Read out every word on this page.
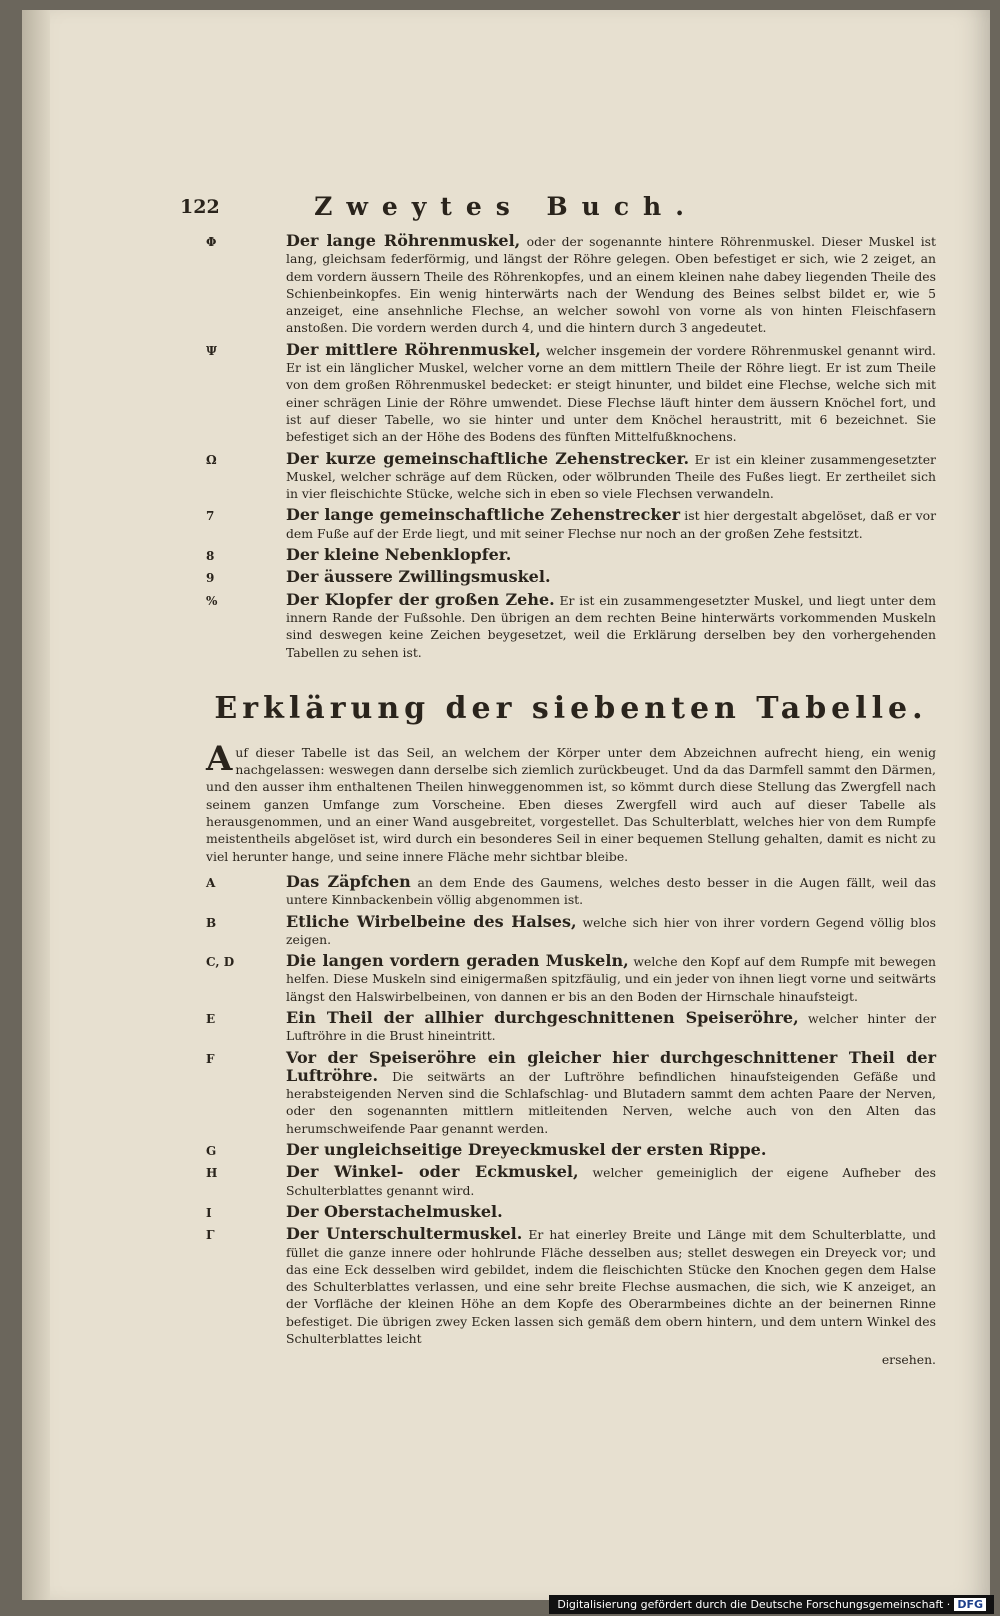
122	Zweytes Buch.
Φ	Der lange Röhrenmuskel, oder der sogenannte hintere Röhrenmuskel. Dieser Muskel ist lang, gleichsam federförmig, und längst der Röhre gelegen. Oben befestiget er sich, wie 2 zeiget, an dem vordern äussern Theile des Röhrenkopfes, und an einem kleinen nahe dabey liegenden Theile des Schienbeinkopfes. Ein wenig hinterwärts nach der Wendung des Beines selbst bildet er, wie 5 anzeiget, eine ansehnliche Flechse, an welcher sowohl von vorne als von hinten Fleischfasern anstoßen. Die vordern werden durch 4, und die hintern durch 3 angedeutet.
Ψ	Der mittlere Röhrenmuskel, welcher insgemein der vordere Röhrenmuskel genannt wird. Er ist ein länglicher Muskel, welcher vorne an dem mittlern Theile der Röhre liegt. Er ist zum Theile von dem großen Röhrenmuskel bedecket: er steigt hinunter, und bildet eine Flechse, welche sich mit einer schrägen Linie der Röhre umwendet. Diese Flechse läuft hinter dem äussern Knöchel fort, und ist auf dieser Tabelle, wo sie hinter und unter dem Knöchel heraustritt, mit 6 bezeichnet. Sie befestiget sich an der Höhe des Bodens des fünften Mittelfußknochens.
Ω	Der kurze gemeinschaftliche Zehenstrecker. Er ist ein kleiner zusammengesetzter Muskel, welcher schräge auf dem Rücken, oder wölbrunden Theile des Fußes liegt. Er zertheilet sich in vier fleischichte Stücke, welche sich in eben so viele Flechsen verwandeln.
7	Der lange gemeinschaftliche Zehenstrecker ist hier dergestalt abgelöset, daß er vor dem Fuße auf der Erde liegt, und mit seiner Flechse nur noch an der großen Zehe festsitzt.
8	Der kleine Nebenklopfer.
9	Der äussere Zwillingsmuskel.
%	Der Klopfer der großen Zehe. Er ist ein zusammengesetzter Muskel, und liegt unter dem innern Rande der Fußsohle. Den übrigen an dem rechten Beine hinterwärts vorkommenden Muskeln sind deswegen keine Zeichen beygesetzet, weil die Erklärung derselben bey den vorhergehenden Tabellen zu sehen ist.
Erklärung der siebenten Tabelle.
Auf dieser Tabelle ist das Seil, an welchem der Körper unter dem Abzeichnen aufrecht hieng, ein wenig nachgelassen: weswegen dann derselbe sich ziemlich zurückbeuget. Und da das Darmfell sammt den Därmen, und den ausser ihm enthaltenen Theilen hinweggenommen ist, so kömmt durch diese Stellung das Zwergfell nach seinem ganzen Umfange zum Vorscheine. Eben dieses Zwergfell wird auch auf dieser Tabelle als herausgenommen, und an einer Wand ausgebreitet, vorgestellet. Das Schulterblatt, welches hier von dem Rumpfe meistentheils abgelöset ist, wird durch ein besonderes Seil in einer bequemen Stellung gehalten, damit es nicht zu viel herunter hange, und seine innere Fläche mehr sichtbar bleibe.
A	Das Zäpfchen an dem Ende des Gaumens, welches desto besser in die Augen fällt, weil das untere Kinnbackenbein völlig abgenommen ist.
B	Etliche Wirbelbeine des Halses, welche sich hier von ihrer vordern Gegend völlig blos zeigen.
C, D	Die langen vordern geraden Muskeln, welche den Kopf auf dem Rumpfe mit bewegen helfen. Diese Muskeln sind einigermaßen spitzfäulig, und ein jeder von ihnen liegt vorne und seitwärts längst den Halswirbelbeinen, von dannen er bis an den Boden der Hirnschale hinaufsteigt.
E	Ein Theil der allhier durchgeschnittenen Speiseröhre, welcher hinter der Luftröhre in die Brust hineintritt.
F	Vor der Speiseröhre ein gleicher hier durchgeschnittener Theil der Luftröhre. Die seitwärts an der Luftröhre befindlichen hinaufsteigenden Gefäße und herabsteigenden Nerven sind die Schlafschlag- und Blutadern sammt dem achten Paare der Nerven, oder den sogenannten mittlern mitleitenden Nerven, welche auch von den Alten das herumschweifende Paar genannt werden.
G	Der ungleichseitige Dreyeckmuskel der ersten Rippe.
H	Der Winkel- oder Eckmuskel, welcher gemeiniglich der eigene Aufheber des Schulterblattes genannt wird.
I	Der Oberstachelmuskel.
Γ	Der Unterschultermuskel. Er hat einerley Breite und Länge mit dem Schulterblatte, und füllet die ganze innere oder hohlrunde Fläche desselben aus; stellet deswegen ein Dreyeck vor; und das eine Eck desselben wird gebildet, indem die fleischichten Stücke den Knochen gegen dem Halse des Schulterblattes verlassen, und eine sehr breite Flechse ausmachen, die sich, wie K anzeiget, an der Vorfläche der kleinen Höhe an dem Kopfe des Oberarmbeines dichte an der beinernen Rinne befestiget. Die übrigen zwey Ecken lassen sich gemäß dem obern hintern, und dem untern Winkel des Schulterblattes leicht
ersehen.
Digitalisierung gefördert durch die Deutsche Forschungsgemeinschaft · DFG
